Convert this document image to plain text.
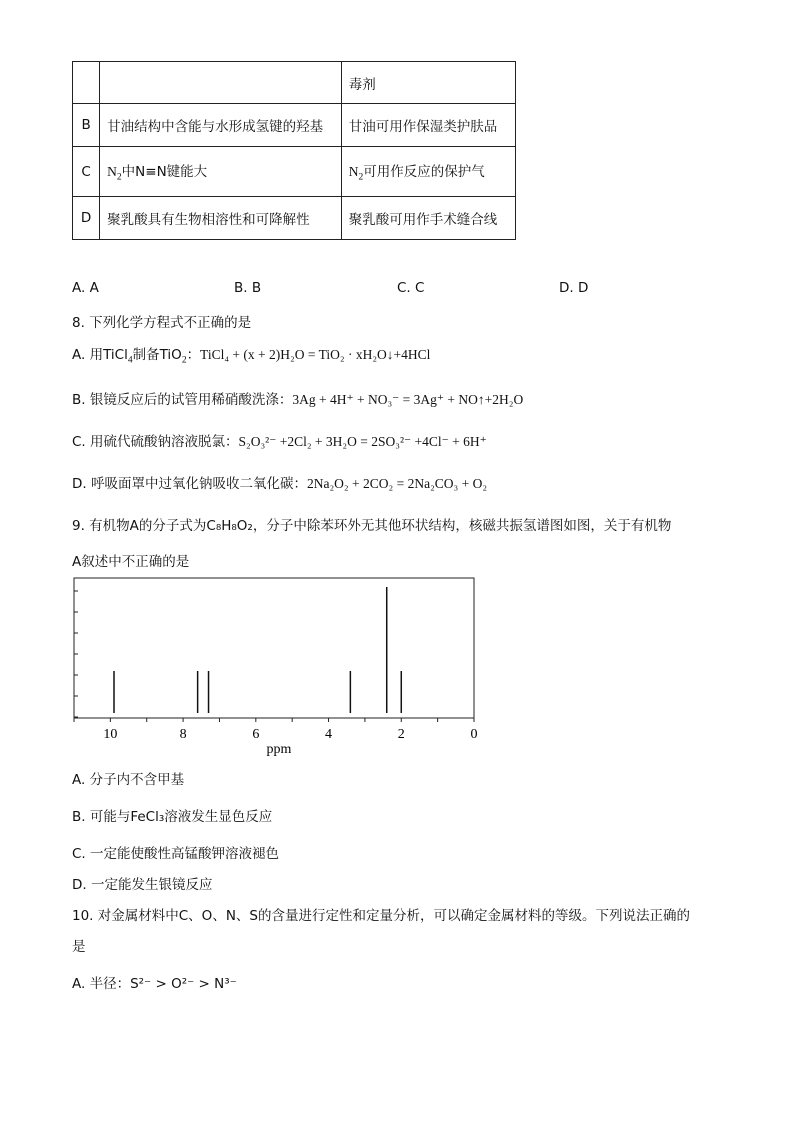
		毒剂
B	甘油结构中含能与水形成氢键的羟基	甘油可用作保湿类护肤品
C	$N_2$中N≡N键能大	$N_2$可用作反应的保护气
D	聚乳酸具有生物相溶性和可降解性	聚乳酸可用作手术缝合线
A. A	B. B	C. C	D. D
8. 下列化学方程式不正确的是
A. 用TiCl$_4$制备TiO$_2$：TiCl₄ + (x + 2)H₂O = TiO₂ · xH₂O↓+4HCl
B. 银镜反应后的试管用稀硝酸洗涤：3Ag + 4H⁺ + NO₃⁻ = 3Ag⁺ + NO↑+2H₂O
C. 用硫代硫酸钠溶液脱氯：S₂O₃²⁻ +2Cl₂ + 3H₂O = 2SO₃²⁻ +4Cl⁻ + 6H⁺
D. 呼吸面罩中过氧化钠吸收二氧化碳：2Na₂O₂ + 2CO₂ = 2Na₂CO₃ + O₂
9. 有机物A的分子式为C₈H₈O₂，分子中除苯环外无其他环状结构，核磁共振氢谱图如图，关于有机物
A叙述中不正确的是
10	8	6	4	2	0
ppm
A. 分子内不含甲基
B. 可能与FeCl₃溶液发生显色反应
C. 一定能使酸性高锰酸钾溶液褪色
D. 一定能发生银镜反应
10. 对金属材料中C、O、N、S的含量进行定性和定量分析，可以确定金属材料的等级。下列说法正确的
是
A. 半径：S²⁻ > O²⁻ > N³⁻
